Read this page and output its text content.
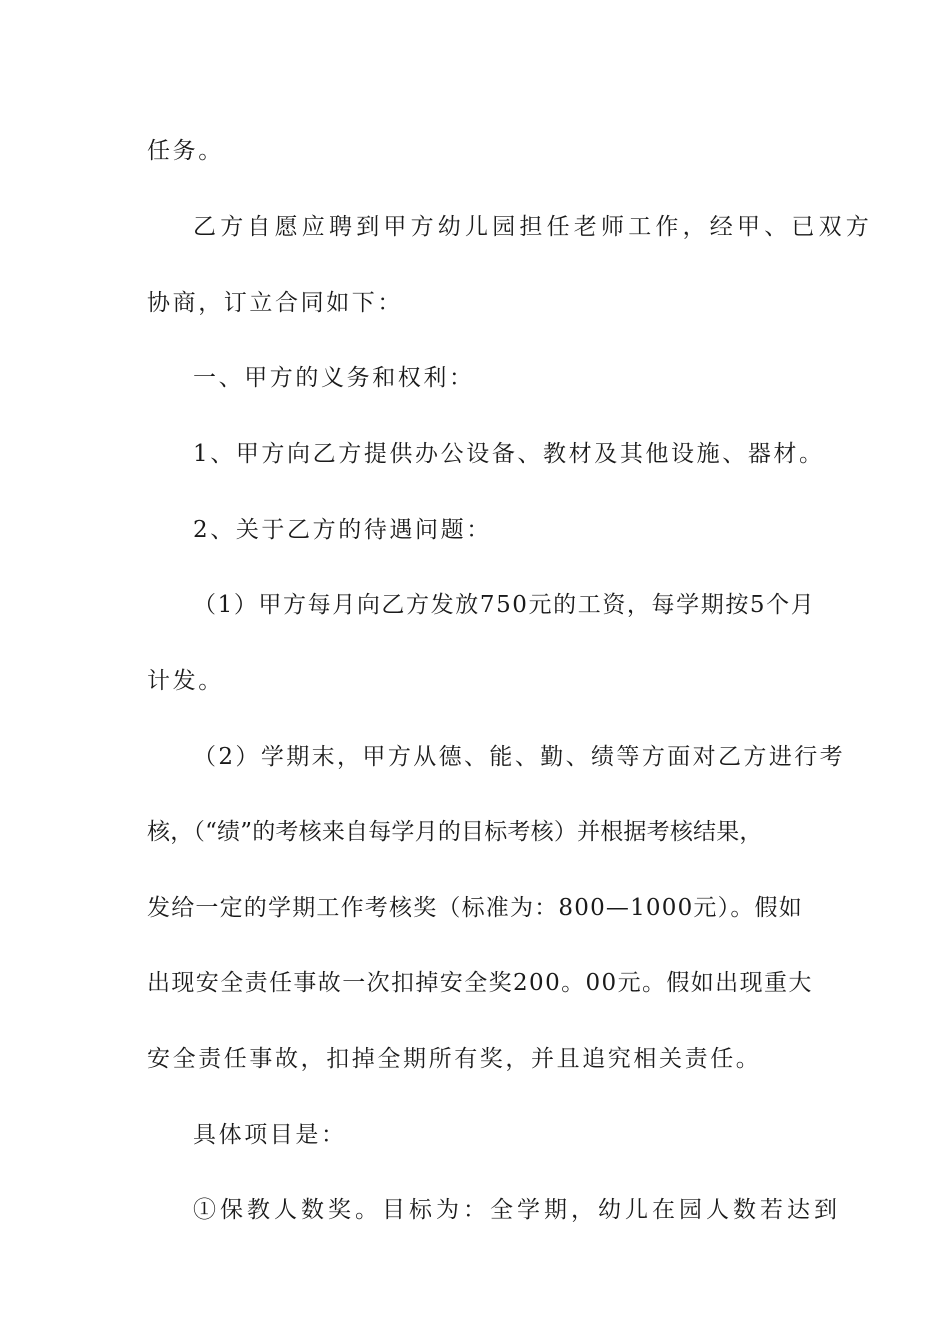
任务。
乙方自愿应聘到甲方幼儿园担任老师工作，经甲、已双方
协商，订立合同如下：
一、甲方的义务和权利：
1、甲方向乙方提供办公设备、教材及其他设施、器材。
2、关于乙方的待遇问题：
（1）甲方每月向乙方发放750元的工资，每学期按5个月
计发。
（2）学期末，甲方从德、能、勤、绩等方面对乙方进行考
核，（“绩”的考核来自每学月的目标考核）并根据考核结果，
发给一定的学期工作考核奖（标准为：800—1000元）。假如
出现安全责任事故一次扣掉安全奖200。00元。假如出现重大
安全责任事故，扣掉全期所有奖，并且追究相关责任。
具体项目是：
①保教人数奖。目标为：全学期，幼儿在园人数若达到
